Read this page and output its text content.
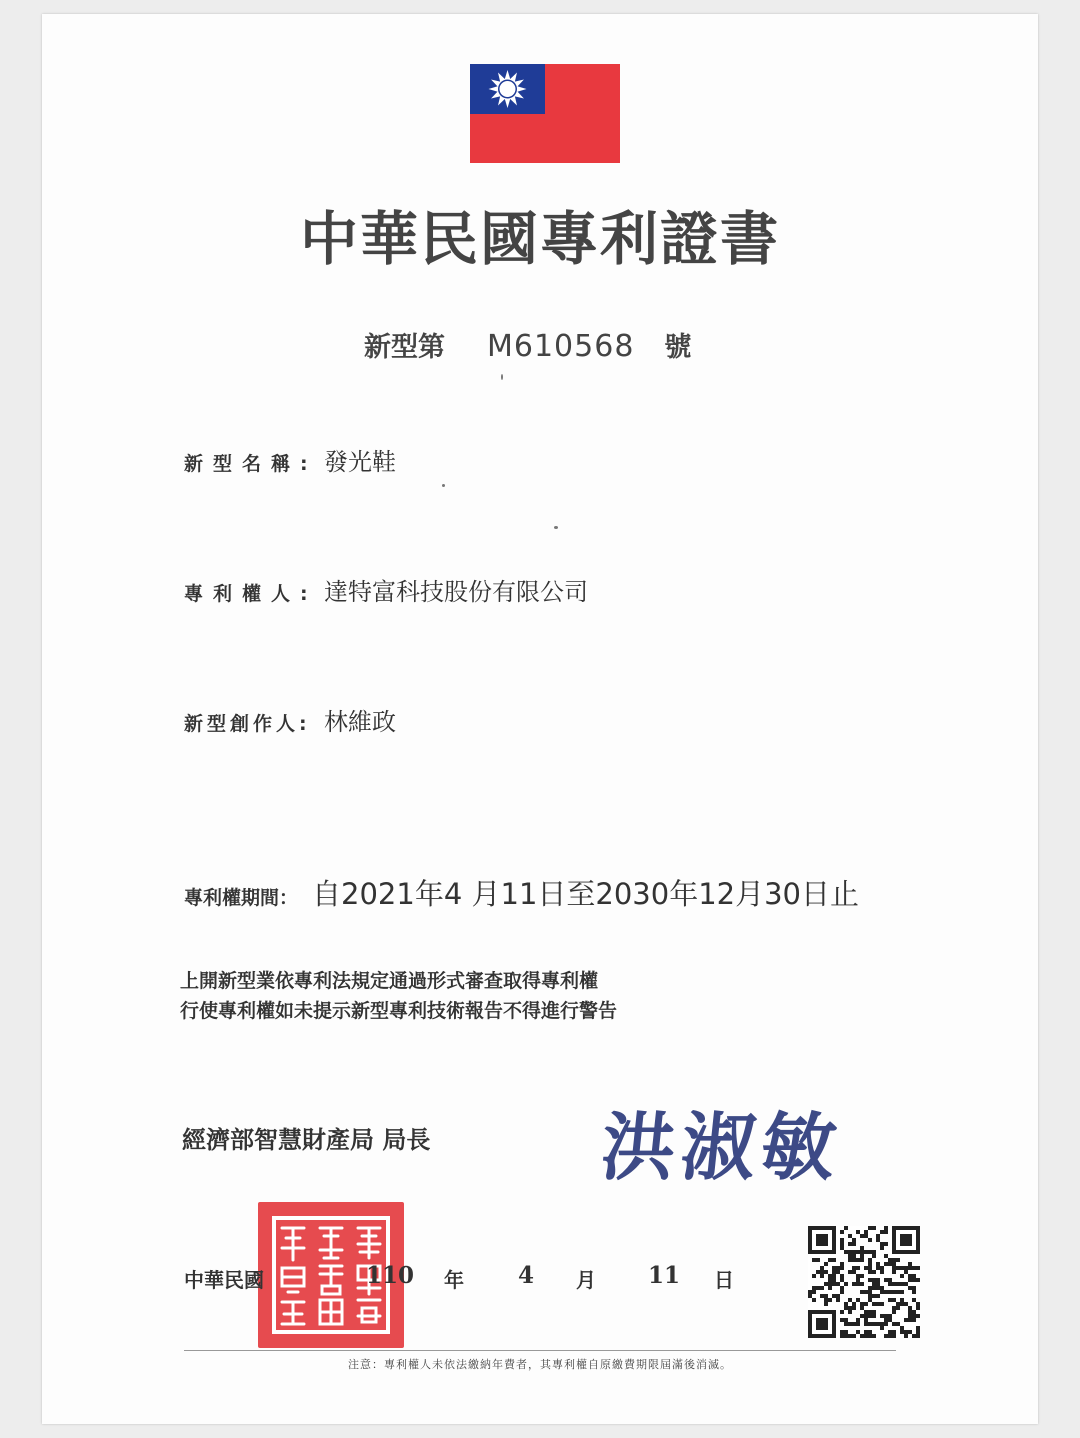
中華民國專利證書
新型第 M610568 號
新型名稱: 發光鞋
專利權人: 達特富科技股份有限公司
新型創作人: 林維政
專利權期間： 自2021年4 月11日至2030年12月30日止
上開新型業依專利法規定通過形式審查取得專利權
行使專利權如未提示新型專利技術報告不得進行警告
經濟部智慧財產局 局長 洪淑敏
中華民國	110 年 4 月 11 日
注意：專利權人未依法繳納年費者，其專利權自原繳費期限屆滿後消滅。
